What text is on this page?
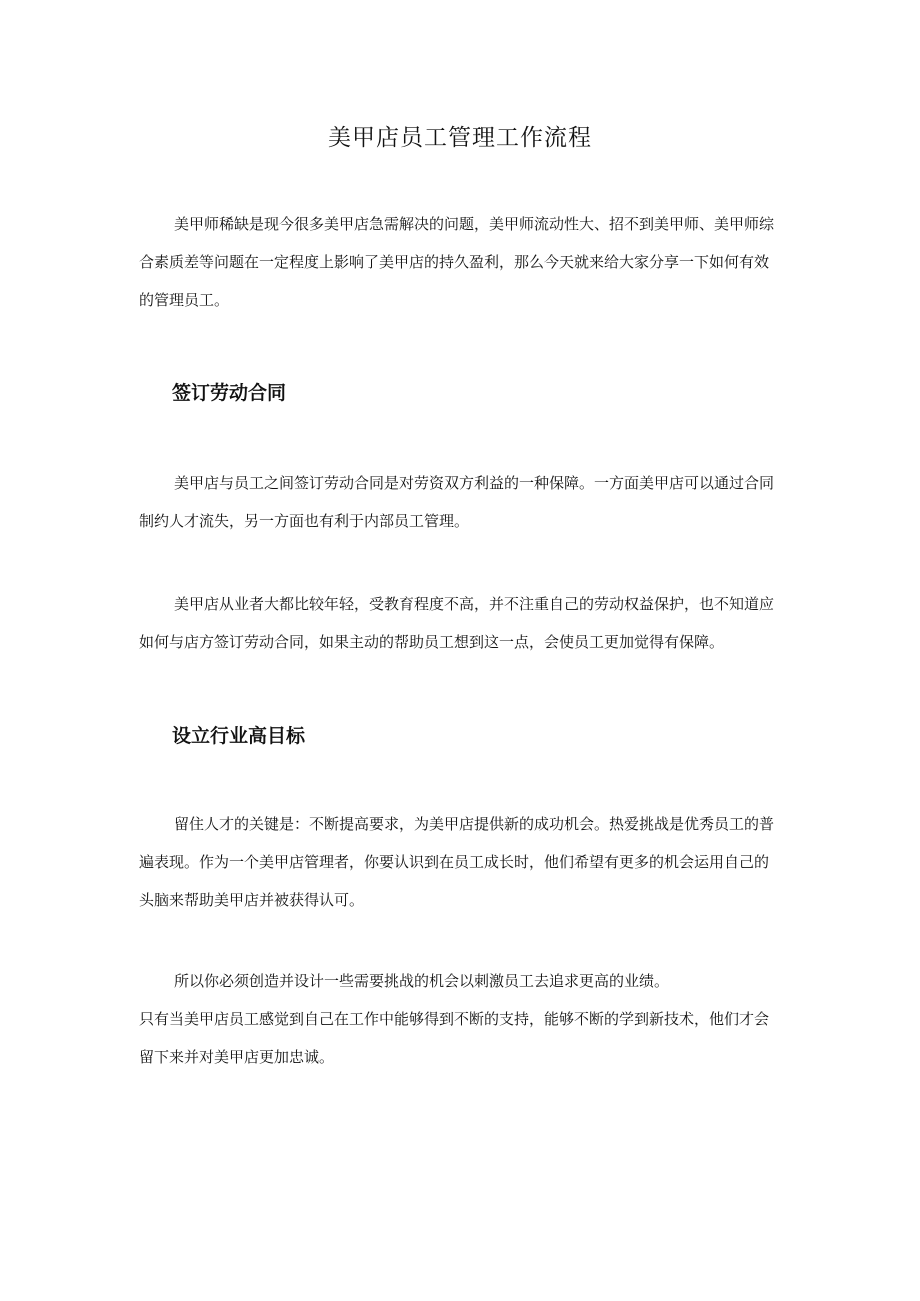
美甲店员工管理工作流程

美甲师稀缺是现今很多美甲店急需解决的问题，美甲师流动性大、招不到美甲师、美甲师综
合素质差等问题在一定程度上影响了美甲店的持久盈利，那么今天就来给大家分享一下如何有效
的管理员工。

签订劳动合同

美甲店与员工之间签订劳动合同是对劳资双方利益的一种保障。一方面美甲店可以通过合同
制约人才流失，另一方面也有利于内部员工管理。

美甲店从业者大都比较年轻，受教育程度不高，并不注重自己的劳动权益保护，也不知道应
如何与店方签订劳动合同，如果主动的帮助员工想到这一点，会使员工更加觉得有保障。

设立行业高目标

留住人才的关键是：不断提高要求，为美甲店提供新的成功机会。热爱挑战是优秀员工的普
遍表现。作为一个美甲店管理者，你要认识到在员工成长时，他们希望有更多的机会运用自己的
头脑来帮助美甲店并被获得认可。

所以你必须创造并设计一些需要挑战的机会以刺激员工去追求更高的业绩。
只有当美甲店员工感觉到自己在工作中能够得到不断的支持，能够不断的学到新技术，他们才会
留下来并对美甲店更加忠诚。
